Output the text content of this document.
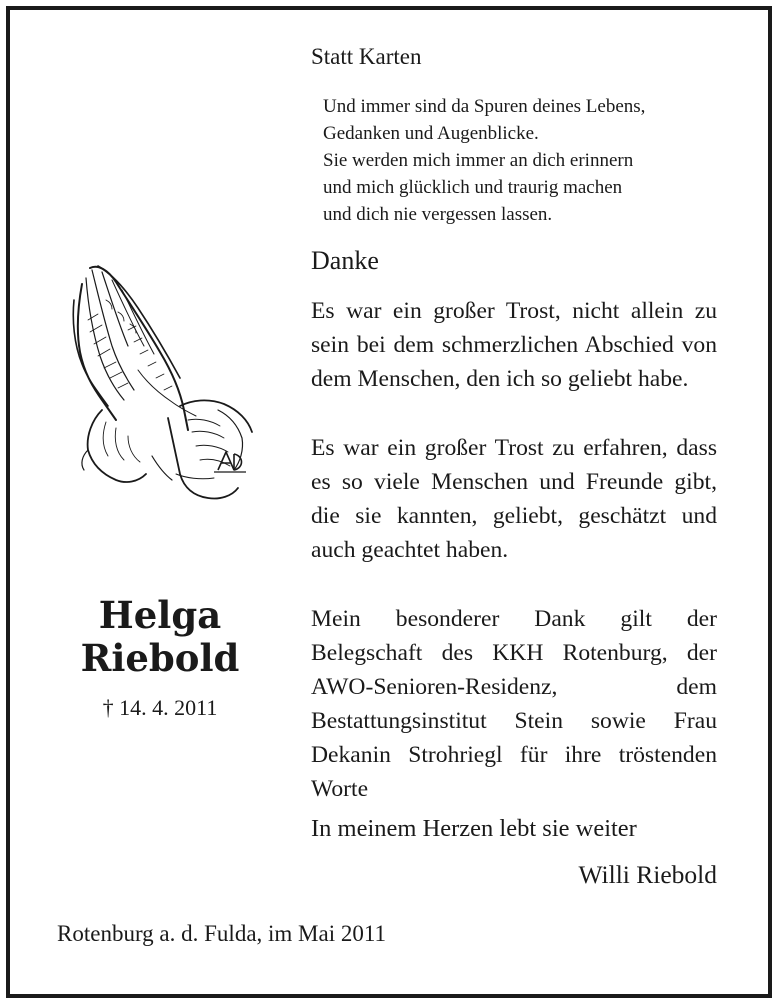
Statt Karten
Und immer sind da Spuren deines Lebens,
Gedanken und Augenblicke.
Sie werden mich immer an dich erinnern
und mich glücklich und traurig machen
und dich nie vergessen lassen.
Danke
Es war ein großer Trost, nicht allein zu sein bei dem schmerzlichen Abschied von dem Menschen, den ich so geliebt habe.
Es war ein großer Trost zu erfahren, dass es so viele Menschen und Freunde gibt, die sie kannten, geliebt, geschätzt und auch geachtet haben.
Mein besonderer Dank gilt der Belegschaft des KKH Rotenburg, der AWO-Senioren-Residenz, dem Bestattungsinstitut Stein sowie Frau Dekanin Strohriegl für ihre tröstenden Worte
In meinem Herzen lebt sie weiter
Willi Riebold
Helga
Riebold
† 14. 4. 2011
Rotenburg a. d. Fulda, im Mai 2011
